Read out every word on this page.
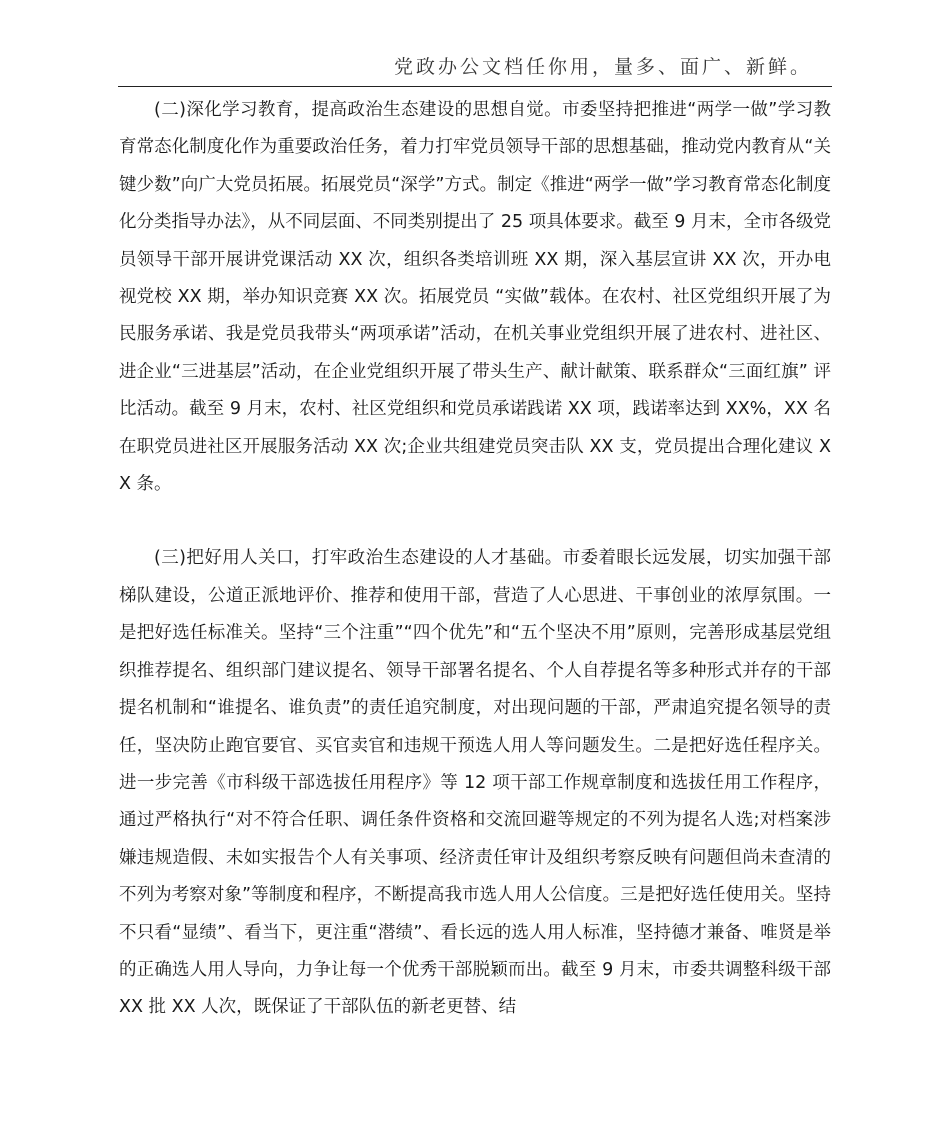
党政办公文档任你用，量多、面广、新鲜。

(二)深化学习教育，提高政治生态建设的思想自觉。市委坚持把推进“两学一做”学习教育常态化制度化作为重要政治任务，着力打牢党员领导干部的思想基础，推动党内教育从“关键少数”向广大党员拓展。拓展党员“深学”方式。制定《推进“两学一做”学习教育常态化制度化分类指导办法》，从不同层面、不同类别提出了 25 项具体要求。截至 9 月末，全市各级党员领导干部开展讲党课活动 XX 次，组织各类培训班 XX 期，深入基层宣讲 XX 次，开办电视党校 XX 期，举办知识竞赛 XX 次。拓展党员 “实做”载体。在农村、社区党组织开展了为民服务承诺、我是党员我带头“两项承诺”活动，在机关事业党组织开展了进农村、进社区、进企业“三进基层”活动，在企业党组织开展了带头生产、献计献策、联系群众“三面红旗” 评比活动。截至 9 月末，农村、社区党组织和党员承诺践诺 XX 项，践诺率达到 XX%，XX 名在职党员进社区开展服务活动 XX 次;企业共组建党员突击队 XX 支，党员提出合理化建议 XX 条。

(三)把好用人关口，打牢政治生态建设的人才基础。市委着眼长远发展，切实加强干部梯队建设，公道正派地评价、推荐和使用干部，营造了人心思进、干事创业的浓厚氛围。一是把好选任标准关。坚持“三个注重”“四个优先”和“五个坚决不用”原则，完善形成基层党组织推荐提名、组织部门建议提名、领导干部署名提名、个人自荐提名等多种形式并存的干部提名机制和“谁提名、谁负责”的责任追究制度，对出现问题的干部，严肃追究提名领导的责任，坚决防止跑官要官、买官卖官和违规干预选人用人等问题发生。二是把好选任程序关。进一步完善《市科级干部选拔任用程序》等 12 项干部工作规章制度和选拔任用工作程序，通过严格执行“对不符合任职、调任条件资格和交流回避等规定的不列为提名人选;对档案涉嫌违规造假、未如实报告个人有关事项、经济责任审计及组织考察反映有问题但尚未查清的不列为考察对象”等制度和程序，不断提高我市选人用人公信度。三是把好选任使用关。坚持不只看“显绩”、看当下，更注重“潜绩”、看长远的选人用人标准，坚持德才兼备、唯贤是举的正确选人用人导向，力争让每一个优秀干部脱颖而出。截至 9 月末，市委共调整科级干部 XX 批 XX 人次，既保证了干部队伍的新老更替、结
